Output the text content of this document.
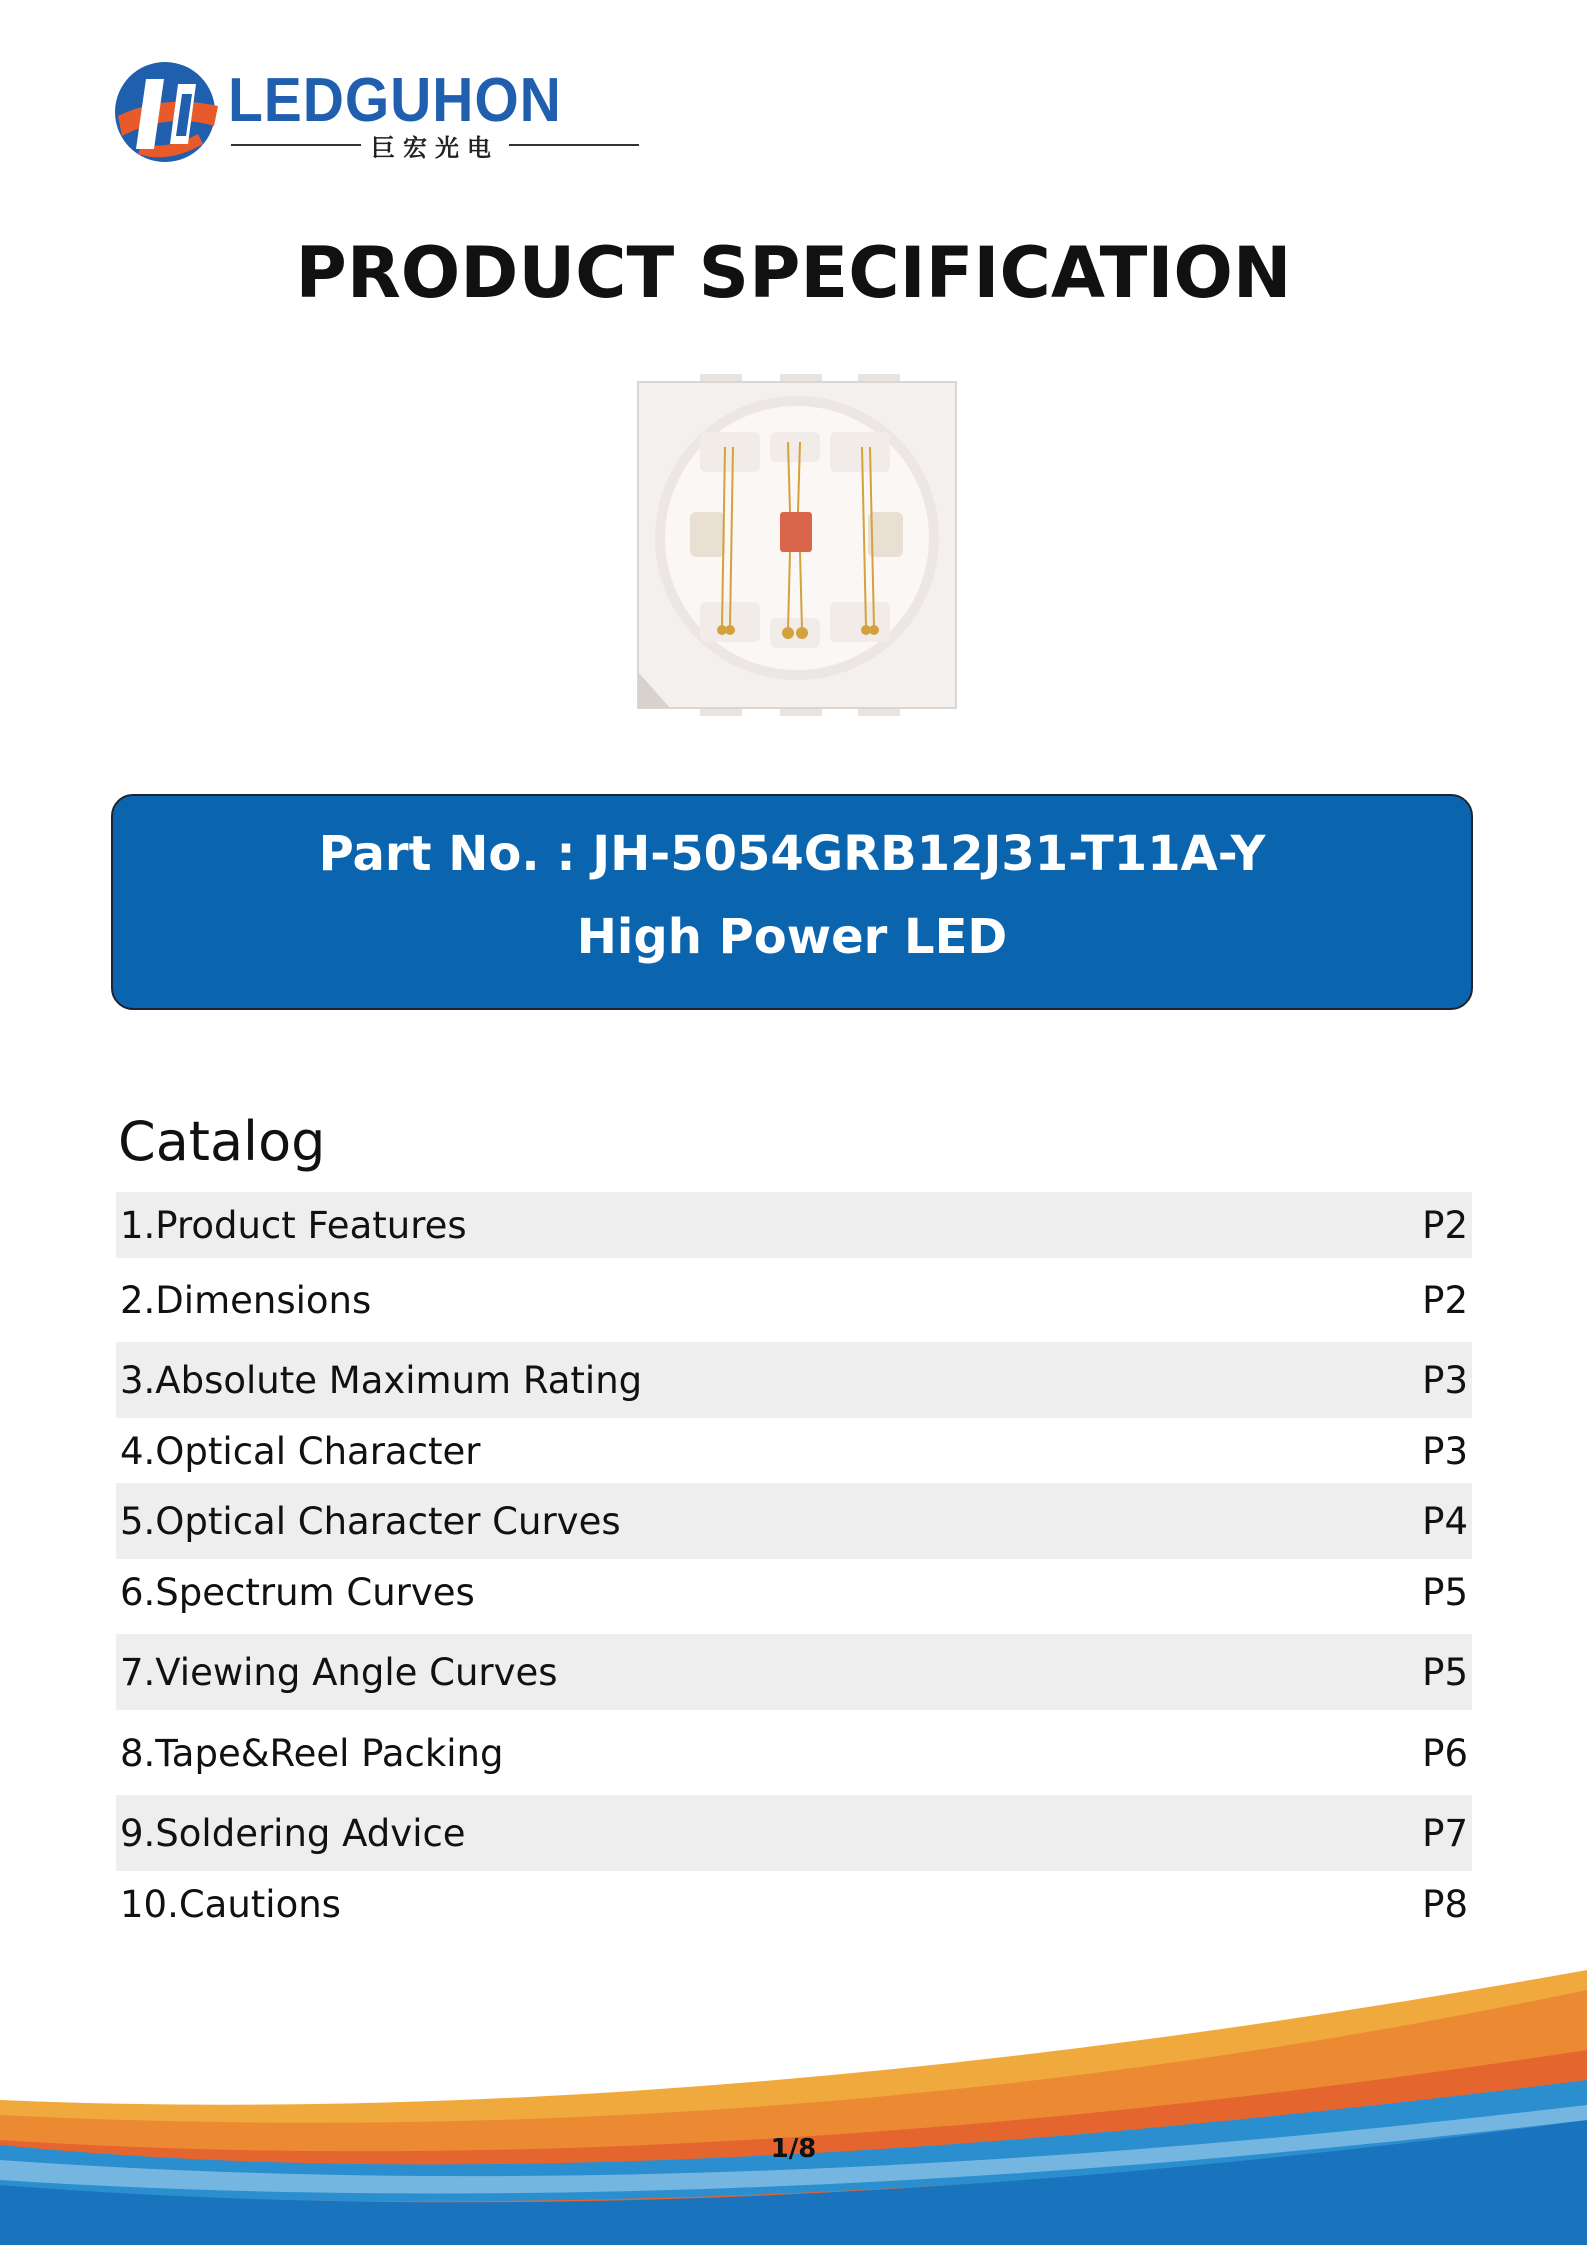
LEDGUHON
巨宏光电
PRODUCT SPECIFICATION
Part No. : JH-5054GRB12J31-T11A-Y
High Power LED
Catalog
1.Product Features	P2
2.Dimensions	P2
3.Absolute Maximum Rating	P3
4.Optical Character	P3
5.Optical Character Curves	P4
6.Spectrum Curves	P5
7.Viewing Angle Curves	P5
8.Tape&Reel Packing	P6
9.Soldering Advice	P7
10.Cautions	P8
1/8
